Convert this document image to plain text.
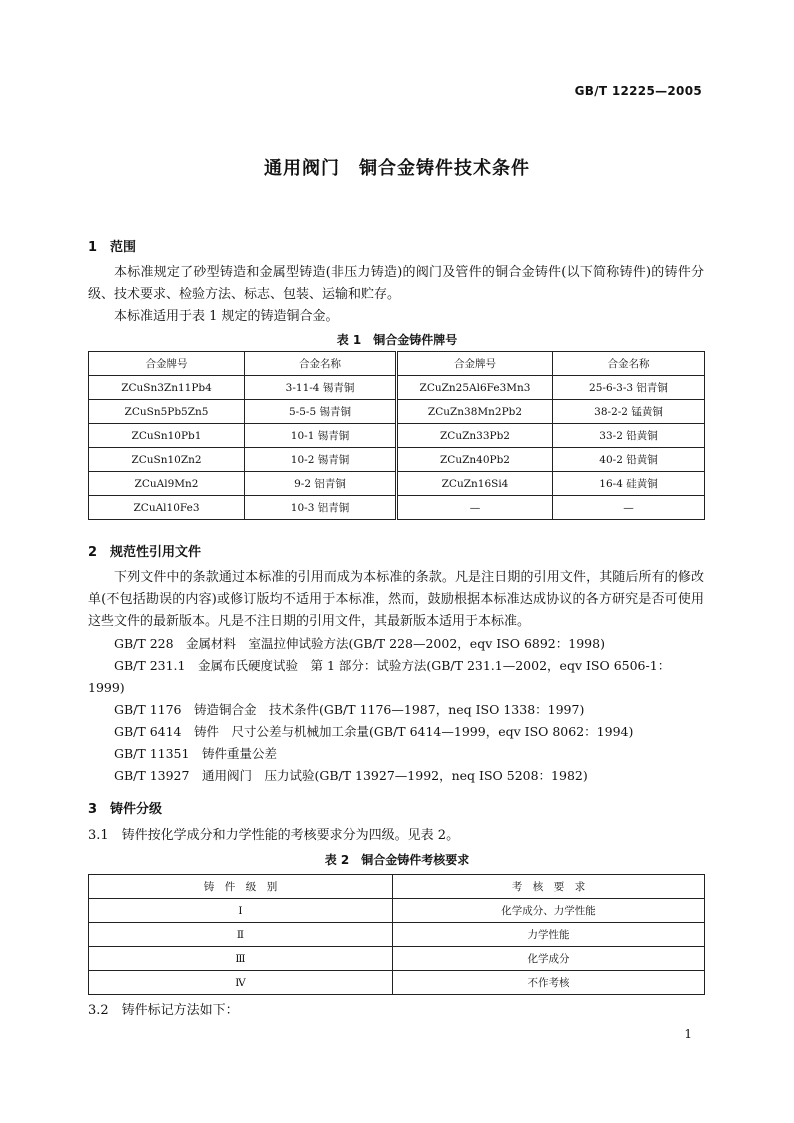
GB/T 12225—2005
通用阀门　铜合金铸件技术条件
1　范围
本标准规定了砂型铸造和金属型铸造(非压力铸造)的阀门及管件的铜合金铸件(以下简称铸件)的铸件分级、技术要求、检验方法、标志、包装、运输和贮存。
本标准适用于表 1 规定的铸造铜合金。
表 1　铜合金铸件牌号
合金牌号	合金名称	合金牌号	合金名称
ZCuSn3Zn11Pb4	3-11-4 锡青铜	ZCuZn25Al6Fe3Mn3	25-6-3-3 铝青铜
ZCuSn5Pb5Zn5	5-5-5 锡青铜	ZCuZn38Mn2Pb2	38-2-2 锰黄铜
ZCuSn10Pb1	10-1 锡青铜	ZCuZn33Pb2	33-2 铅黄铜
ZCuSn10Zn2	10-2 锡青铜	ZCuZn40Pb2	40-2 铅黄铜
ZCuAl9Mn2	9-2 铝青铜	ZCuZn16Si4	16-4 硅黄铜
ZCuAl10Fe3	10-3 铝青铜	—	—
2　规范性引用文件
下列文件中的条款通过本标准的引用而成为本标准的条款。凡是注日期的引用文件，其随后所有的修改单(不包括勘误的内容)或修订版均不适用于本标准，然而，鼓励根据本标准达成协议的各方研究是否可使用这些文件的最新版本。凡是不注日期的引用文件，其最新版本适用于本标准。
GB/T 228　金属材料　室温拉伸试验方法(GB/T 228—2002，eqv ISO 6892：1998)
GB/T 231.1　金属布氏硬度试验　第 1 部分：试验方法(GB/T 231.1—2002，eqv ISO 6506-1：1999)
GB/T 1176　铸造铜合金　技术条件(GB/T 1176—1987，neq ISO 1338：1997)
GB/T 6414　铸件　尺寸公差与机械加工余量(GB/T 6414—1999，eqv ISO 8062：1994)
GB/T 11351　铸件重量公差
GB/T 13927　通用阀门　压力试验(GB/T 13927—1992，neq ISO 5208：1982)
3　铸件分级
3.1　铸件按化学成分和力学性能的考核要求分为四级。见表 2。
表 2　铜合金铸件考核要求
铸　件　级　别	考　核　要　求
Ⅰ	化学成分、力学性能
Ⅱ	力学性能
Ⅲ	化学成分
Ⅳ	不作考核
3.2　铸件标记方法如下：
1
